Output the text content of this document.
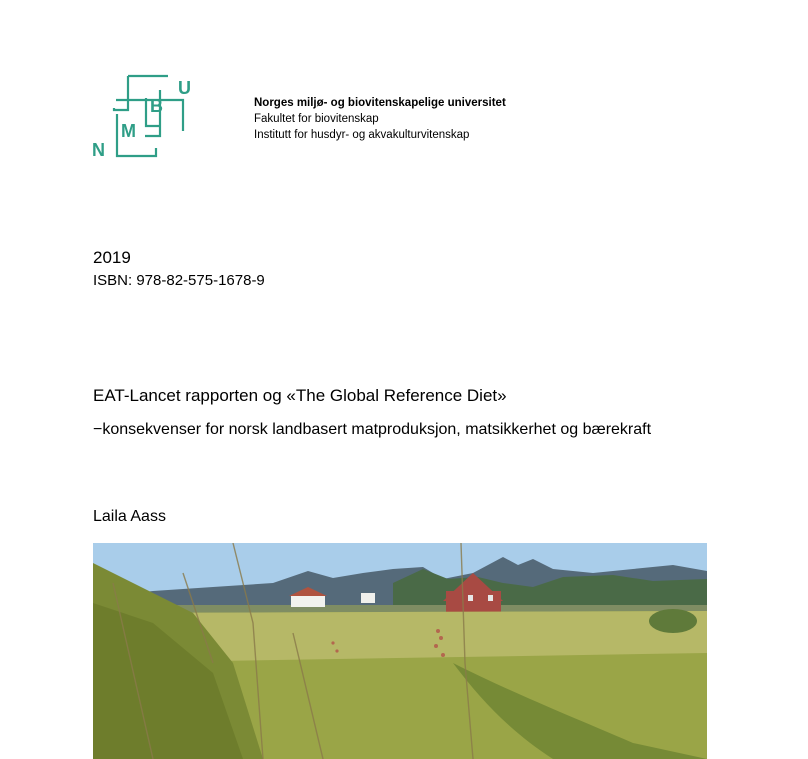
N
M
B
U
Norges miljø- og biovitenskapelige universitet
Fakultet for biovitenskap
Institutt for husdyr- og akvakulturvitenskap
2019
ISBN: 978-82-575-1678-9
EAT-Lancet rapporten og «The Global Reference Diet»
−konsekvenser for norsk landbasert matproduksjon, matsikkerhet og bærekraft
Laila Aass
